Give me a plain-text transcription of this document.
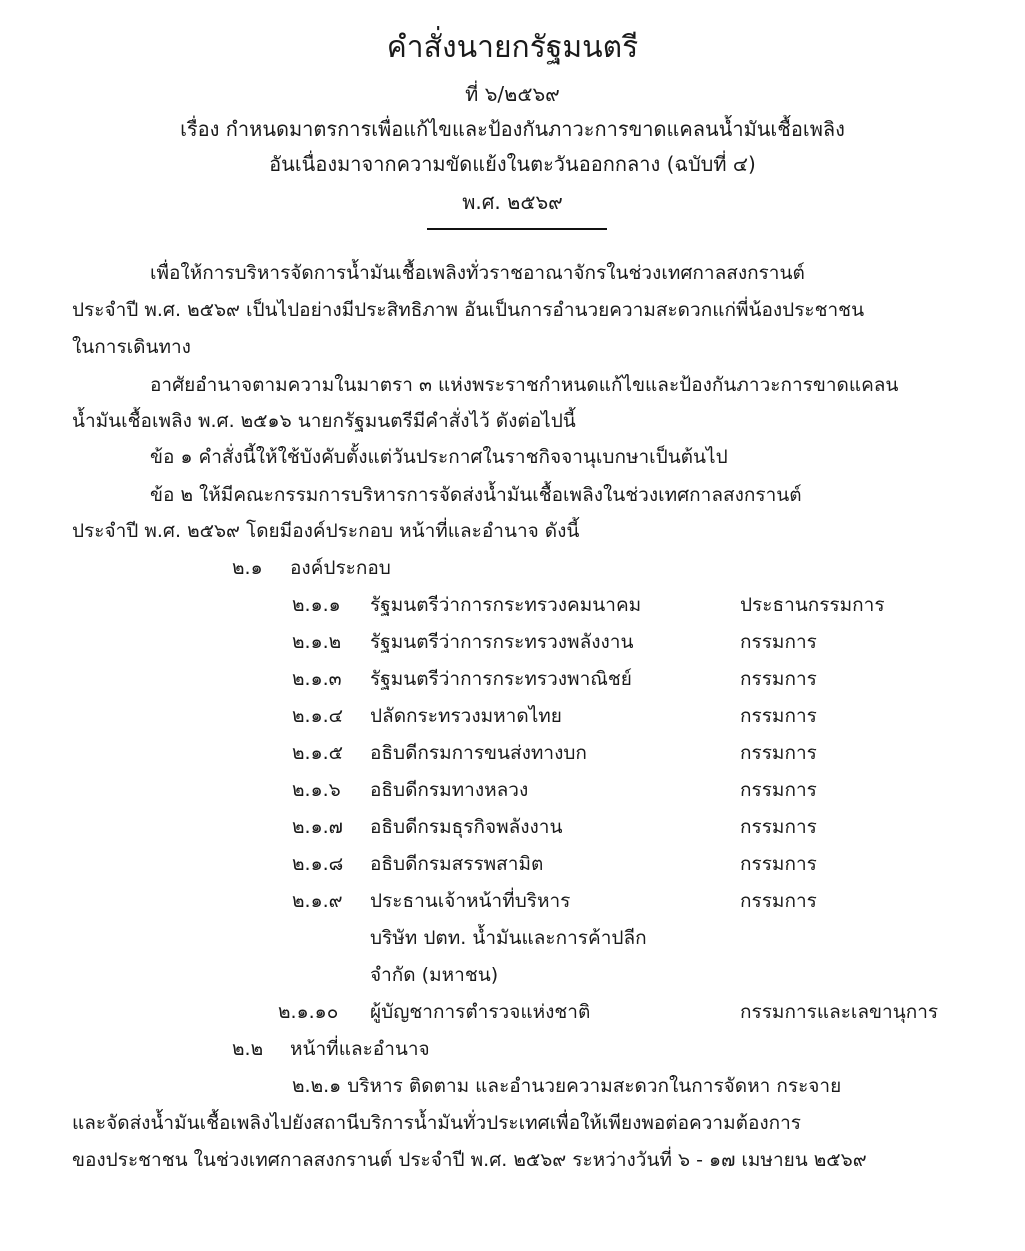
คำสั่งนายกรัฐมนตรี
ที่ ๖/๒๕๖๙
เรื่อง กำหนดมาตรการเพื่อแก้ไขและป้องกันภาวะการขาดแคลนน้ำมันเชื้อเพลิง
อันเนื่องมาจากความขัดแย้งในตะวันออกกลาง (ฉบับที่ ๔)
พ.ศ. ๒๕๖๙
เพื่อให้การบริหารจัดการน้ำมันเชื้อเพลิงทั่วราชอาณาจักรในช่วงเทศกาลสงกรานต์
ประจำปี พ.ศ. ๒๕๖๙ เป็นไปอย่างมีประสิทธิภาพ อันเป็นการอำนวยความสะดวกแก่พี่น้องประชาชน
ในการเดินทาง
อาศัยอำนาจตามความในมาตรา ๓ แห่งพระราชกำหนดแก้ไขและป้องกันภาวะการขาดแคลน
น้ำมันเชื้อเพลิง พ.ศ. ๒๕๑๖ นายกรัฐมนตรีมีคำสั่งไว้ ดังต่อไปนี้
ข้อ ๑ คำสั่งนี้ให้ใช้บังคับตั้งแต่วันประกาศในราชกิจจานุเบกษาเป็นต้นไป
ข้อ ๒ ให้มีคณะกรรมการบริหารการจัดส่งน้ำมันเชื้อเพลิงในช่วงเทศกาลสงกรานต์
ประจำปี พ.ศ. ๒๕๖๙ โดยมีองค์ประกอบ หน้าที่และอำนาจ ดังนี้
๒.๑ องค์ประกอบ
๒.๑.๑ รัฐมนตรีว่าการกระทรวงคมนาคม	ประธานกรรมการ
๒.๑.๒ รัฐมนตรีว่าการกระทรวงพลังงาน	กรรมการ
๒.๑.๓ รัฐมนตรีว่าการกระทรวงพาณิชย์	กรรมการ
๒.๑.๔ ปลัดกระทรวงมหาดไทย	กรรมการ
๒.๑.๕ อธิบดีกรมการขนส่งทางบก	กรรมการ
๒.๑.๖ อธิบดีกรมทางหลวง	กรรมการ
๒.๑.๗ อธิบดีกรมธุรกิจพลังงาน	กรรมการ
๒.๑.๘ อธิบดีกรมสรรพสามิต	กรรมการ
๒.๑.๙ ประธานเจ้าหน้าที่บริหาร	กรรมการ
บริษัท ปตท. น้ำมันและการค้าปลีก
จำกัด (มหาชน)
๒.๑.๑๐ ผู้บัญชาการตำรวจแห่งชาติ	กรรมการและเลขานุการ
๒.๒ หน้าที่และอำนาจ
๒.๒.๑ บริหาร ติดตาม และอำนวยความสะดวกในการจัดหา กระจาย
และจัดส่งน้ำมันเชื้อเพลิงไปยังสถานีบริการน้ำมันทั่วประเทศเพื่อให้เพียงพอต่อความต้องการ
ของประชาชน ในช่วงเทศกาลสงกรานต์ ประจำปี พ.ศ. ๒๕๖๙ ระหว่างวันที่ ๖ - ๑๗ เมษายน ๒๕๖๙
